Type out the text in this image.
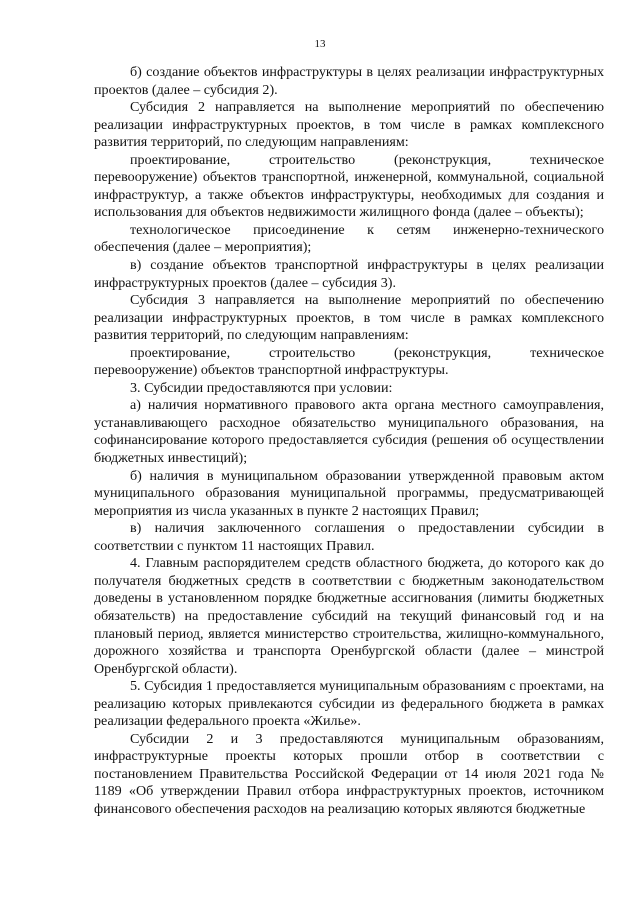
13

б) создание объектов инфраструктуры в целях реализации инфраструктурных проектов (далее – субсидия 2).

Субсидия 2 направляется на выполнение мероприятий по обеспечению реализации инфраструктурных проектов, в том числе в рамках комплексного развития территорий, по следующим направлениям:

проектирование, строительство (реконструкция, техническое перевооружение) объектов транспортной, инженерной, коммунальной, социальной инфраструктур, а также объектов инфраструктуры, необходимых для создания и использования для объектов недвижимости жилищного фонда (далее – объекты);

технологическое присоединение к сетям инженерно-технического обеспечения (далее – мероприятия);

в) создание объектов транспортной инфраструктуры в целях реализации инфраструктурных проектов (далее – субсидия 3).

Субсидия 3 направляется на выполнение мероприятий по обеспечению реализации инфраструктурных проектов, в том числе в рамках комплексного развития территорий, по следующим направлениям:

проектирование, строительство (реконструкция, техническое перевооружение) объектов транспортной инфраструктуры.

3. Субсидии предоставляются при условии:

а) наличия нормативного правового акта органа местного самоуправления, устанавливающего расходное обязательство муниципального образования, на софинансирование которого предоставляется субсидия (решения об осуществлении бюджетных инвестиций);

б) наличия в муниципальном образовании утвержденной правовым актом муниципального образования муниципальной программы, предусматривающей мероприятия из числа указанных в пункте 2 настоящих Правил;

в) наличия заключенного соглашения о предоставлении субсидии в соответствии с пунктом 11 настоящих Правил.

4. Главным распорядителем средств областного бюджета, до которого как до получателя бюджетных средств в соответствии с бюджетным законодательством доведены в установленном порядке бюджетные ассигнования (лимиты бюджетных обязательств) на предоставление субсидий на текущий финансовый год и на плановый период, является министерство строительства, жилищно-коммунального, дорожного хозяйства и транспорта Оренбургской области (далее – минстрой Оренбургской области).

5. Субсидия 1 предоставляется муниципальным образованиям с проектами, на реализацию которых привлекаются субсидии из федерального бюджета в рамках реализации федерального проекта «Жилье».

Субсидии 2 и 3 предоставляются муниципальным образованиям, инфраструктурные проекты которых прошли отбор в соответствии с постановлением Правительства Российской Федерации от 14 июля 2021 года № 1189 «Об утверждении Правил отбора инфраструктурных проектов, источником финансового обеспечения расходов на реализацию которых являются бюджетные
